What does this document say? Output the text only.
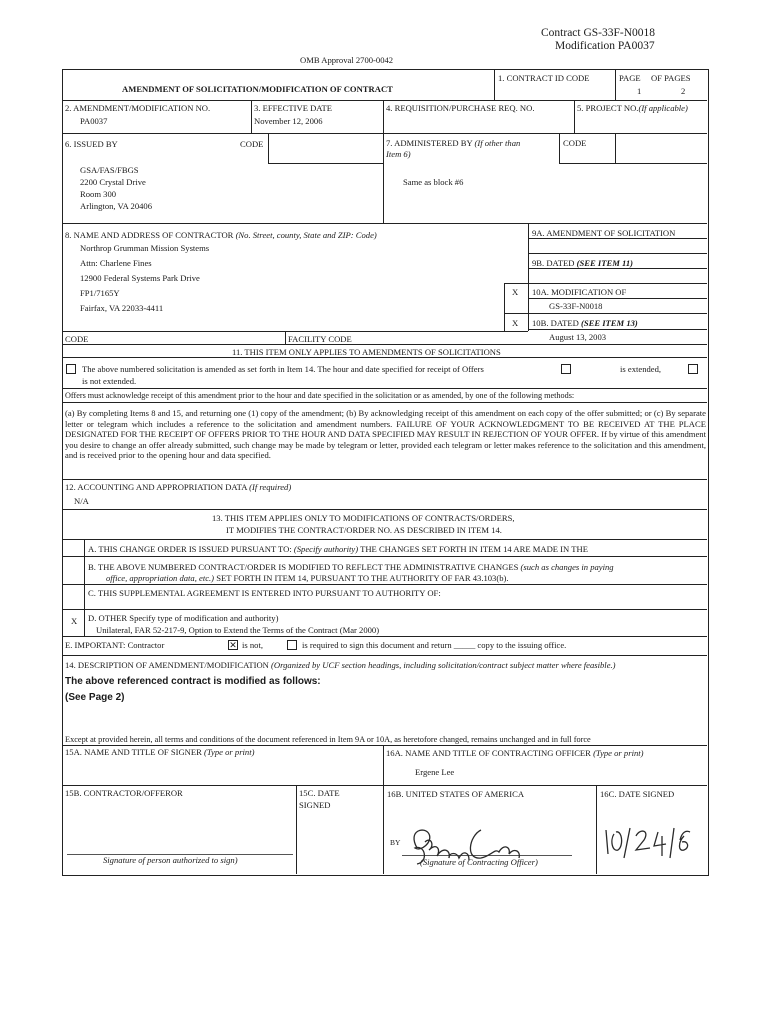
Contract GS-33F-N0018
Modification PA0037
OMB Approval 2700-0042
AMENDMENT OF SOLICITATION/MODIFICATION OF CONTRACT
1. CONTRACT ID CODE	PAGE OF PAGES
1	2
2. AMENDMENT/MODIFICATION NO.
PA0037
3. EFFECTIVE DATE
November 12, 2006
4. REQUISITION/PURCHASE REQ. NO.	5. PROJECT NO.(If applicable)
6. ISSUED BY	CODE
GSA/FAS/FBGS
2200 Crystal Drive
Room 300
Arlington, VA 20406
7. ADMINISTERED BY (If other than
Item 6)
CODE
Same as block #6
8. NAME AND ADDRESS OF CONTRACTOR (No. Street, county, State and ZIP: Code)
Northrop Grumman Mission Systems
Attn: Charlene Fines
12900 Federal Systems Park Drive
FP1/7165Y
Fairfax, VA 22033-4411
9A. AMENDMENT OF SOLICITATION
9B. DATED (SEE ITEM 11)
X 10A. MODIFICATION OF
GS-33F-N0018
X 10B. DATED (SEE ITEM 13)
August 13, 2003
CODE	FACILITY CODE
11. THIS ITEM ONLY APPLIES TO AMENDMENTS OF SOLICITATIONS
The above numbered solicitation is amended as set forth in Item 14. The hour and date specified for receipt of Offers	is extended,
is not extended.
Offers must acknowledge receipt of this amendment prior to the hour and date specified in the solicitation or as amended, by one of the following methods:
(a) By completing Items 8 and 15, and returning one (1) copy of the amendment; (b) By acknowledging receipt of this amendment on each copy of the offer submitted; or (c) By separate letter or telegram which includes a reference to the solicitation and amendment numbers. FAILURE OF YOUR ACKNOWLEDGMENT TO BE RECEIVED AT THE PLACE DESIGNATED FOR THE RECEIPT OF OFFERS PRIOR TO THE HOUR AND DATA SPECIFIED MAY RESULT IN REJECTION OF YOUR OFFER. If by virtue of this amendment you desire to change an offer already submitted, such change may be made by telegram or letter, provided each telegram or letter makes reference to the solicitation and this amendment, and is received prior to the opening hour and data specified.
12. ACCOUNTING AND APPROPRIATION DATA (If required)
N/A
13. THIS ITEM APPLIES ONLY TO MODIFICATIONS OF CONTRACTS/ORDERS,
IT MODIFIES THE CONTRACT/ORDER NO. AS DESCRIBED IN ITEM 14.
A. THIS CHANGE ORDER IS ISSUED PURSUANT TO: (Specify authority) THE CHANGES SET FORTH IN ITEM 14 ARE MADE IN THE
B. THE ABOVE NUMBERED CONTRACT/ORDER IS MODIFIED TO REFLECT THE ADMINISTRATIVE CHANGES (such as changes in paying
office, appropriation data, etc.) SET FORTH IN ITEM 14, PURSUANT TO THE AUTHORITY OF FAR 43.103(b).
C. THIS SUPPLEMENTAL AGREEMENT IS ENTERED INTO PURSUANT TO AUTHORITY OF:
X D. OTHER Specify type of modification and authority)
Unilateral, FAR 52-217-9, Option to Extend the Terms of the Contract (Mar 2000)
E. IMPORTANT: Contractor	✕ is not,	is required to sign this document and return _____ copy to the issuing office.
14. DESCRIPTION OF AMENDMENT/MODIFICATION (Organized by UCF section headings, including solicitation/contract subject matter where feasible.)
The above referenced contract is modified as follows:
(See Page 2)
Except at provided herein, all terms and conditions of the document referenced in Item 9A or 10A, as heretofore changed, remains unchanged and in full force
15A. NAME AND TITLE OF SIGNER (Type or print)	16A. NAME AND TITLE OF CONTRACTING OFFICER (Type or print)
Ergene Lee
15B. CONTRACTOR/OFFEROR	15C. DATE
SIGNED
16B. UNITED STATES OF AMERICA	16C. DATE SIGNED
Signature of person authorized to sign)
BY
(Signature of Contracting Officer)
